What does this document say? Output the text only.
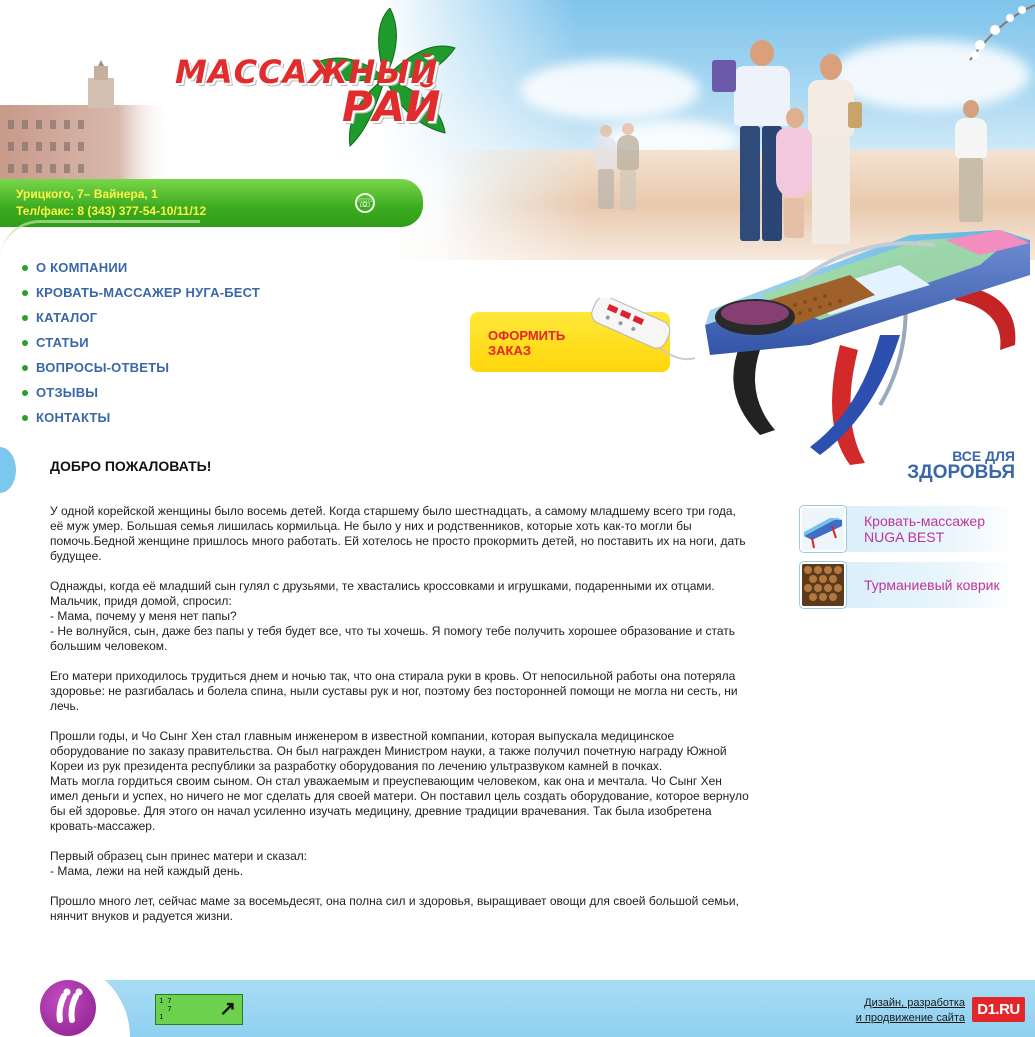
МАССАЖНЫЙ
РАЙ
Урицкого, 7– Вайнера, 1
Тел/факс: 8 (343) 377-54-10/11/12
☏
О КОМПАНИИ
КРОВАТЬ-МАССАЖЕР НУГА-БЕСТ
КАТАЛОГ
СТАТЬИ
ВОПРОСЫ-ОТВЕТЫ
ОТЗЫВЫ
КОНТАКТЫ
ОФОРМИТЬ ЗАКАЗ
ДОБРО ПОЖАЛОВАТЬ!

У одной корейской женщины было восемь детей. Когда старшему было шестнадцать, а самому младшему всего три года, её муж умер. Большая семья лишилась кормильца. Не было у них и родственников, которые хоть как-то могли бы помочь.Бедной женщине пришлось много работать. Ей хотелось не просто прокормить детей, но поставить их на ноги, дать будущее.

Однажды, когда её младший сын гулял с друзьями, те хвастались кроссовками и игрушками, подаренными их отцами. Мальчик, придя домой, спросил:
- Мама, почему у меня нет папы?
- Не волнуйся, сын, даже без папы у тебя будет все, что ты хочешь. Я помогу тебе получить хорошее образование и стать большим человеком.

Его матери приходилось трудиться днем и ночью так, что она стирала руки в кровь. От непосильной работы она потеряла здоровье: не разгибалась и болела спина, ныли суставы рук и ног, поэтому без посторонней помощи не могла ни сесть, ни лечь.

Прошли годы, и Чо Сынг Хен стал главным инженером в известной компании, которая выпускала медицинское оборудование по заказу правительства. Он был награжден Министром науки, а также получил почетную награду Южной Кореи из рук президента республики за разработку оборудования по лечению ультразвуком камней в почках.
Мать могла гордиться своим сыном. Он стал уважаемым и преуспевающим человеком, как она и мечтала. Чо Сынг Хен имел деньги и успех, но ничего не мог сделать для своей матери. Он поставил цель создать оборудование, которое вернуло бы ей здоровье. Для этого он начал усиленно изучать медицину, древние традиции врачевания. Так была изобретена кровать-массажер.

Первый образец сын принес матери и сказал:
- Мама, лежи на ней каждый день.

Прошло много лет, сейчас маме за восемьдесят, она полна сил и здоровья, выращивает овощи для своей большой семьи, нянчит внуков и радуется жизни.

ВСЕ ДЛЯ
ЗДОРОВЬЯ
Кровать-массажер
NUGA BEST
Турманиевый коврик
1 7
7
1	↗	Дизайн, разработка
и продвижение сайта D1.RU
